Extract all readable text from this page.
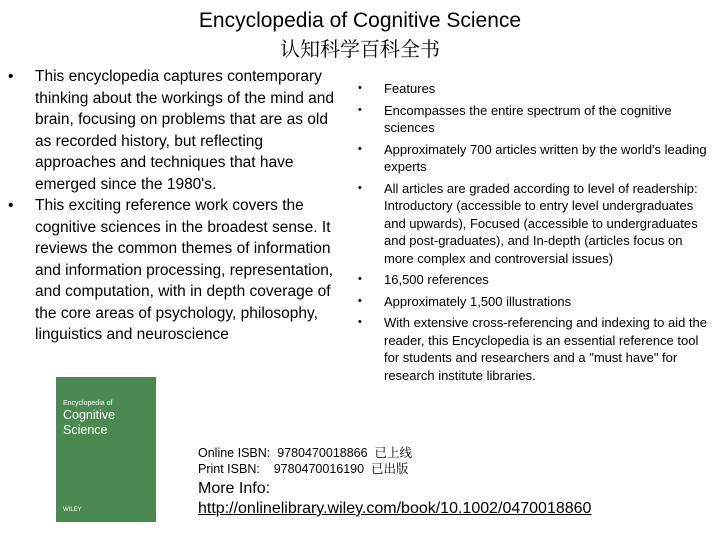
Encyclopedia of Cognitive Science
认知科学百科全书
• This encyclopedia captures contemporary thinking about the workings of the mind and brain, focusing on problems that are as old as recorded history, but reflecting approaches and techniques that have emerged since the 1980's.
• This exciting reference work covers the cognitive sciences in the broadest sense. It reviews the common themes of information and information processing, representation, and computation, with in depth coverage of the core areas of psychology, philosophy, linguistics and neuroscience
• Features
• Encompasses the entire spectrum of the cognitive sciences
• Approximately 700 articles written by the world's leading experts
• All articles are graded according to level of readership: Introductory (accessible to entry level undergraduates and upwards), Focused (accessible to undergraduates and post-graduates), and In-depth (articles focus on more complex and controversial issues)
• 16,500 references
• Approximately 1,500 illustrations
• With extensive cross-referencing and indexing to aid the reader, this Encyclopedia is an essential reference tool for students and researchers and a "must have" for research institute libraries.
Encyclopedia of
Cognitive Science
WILEY
Online ISBN:  9780470018866  已上线
Print ISBN:    9780470016190  已出版
More Info:
http://onlinelibrary.wiley.com/book/10.1002/0470018860
